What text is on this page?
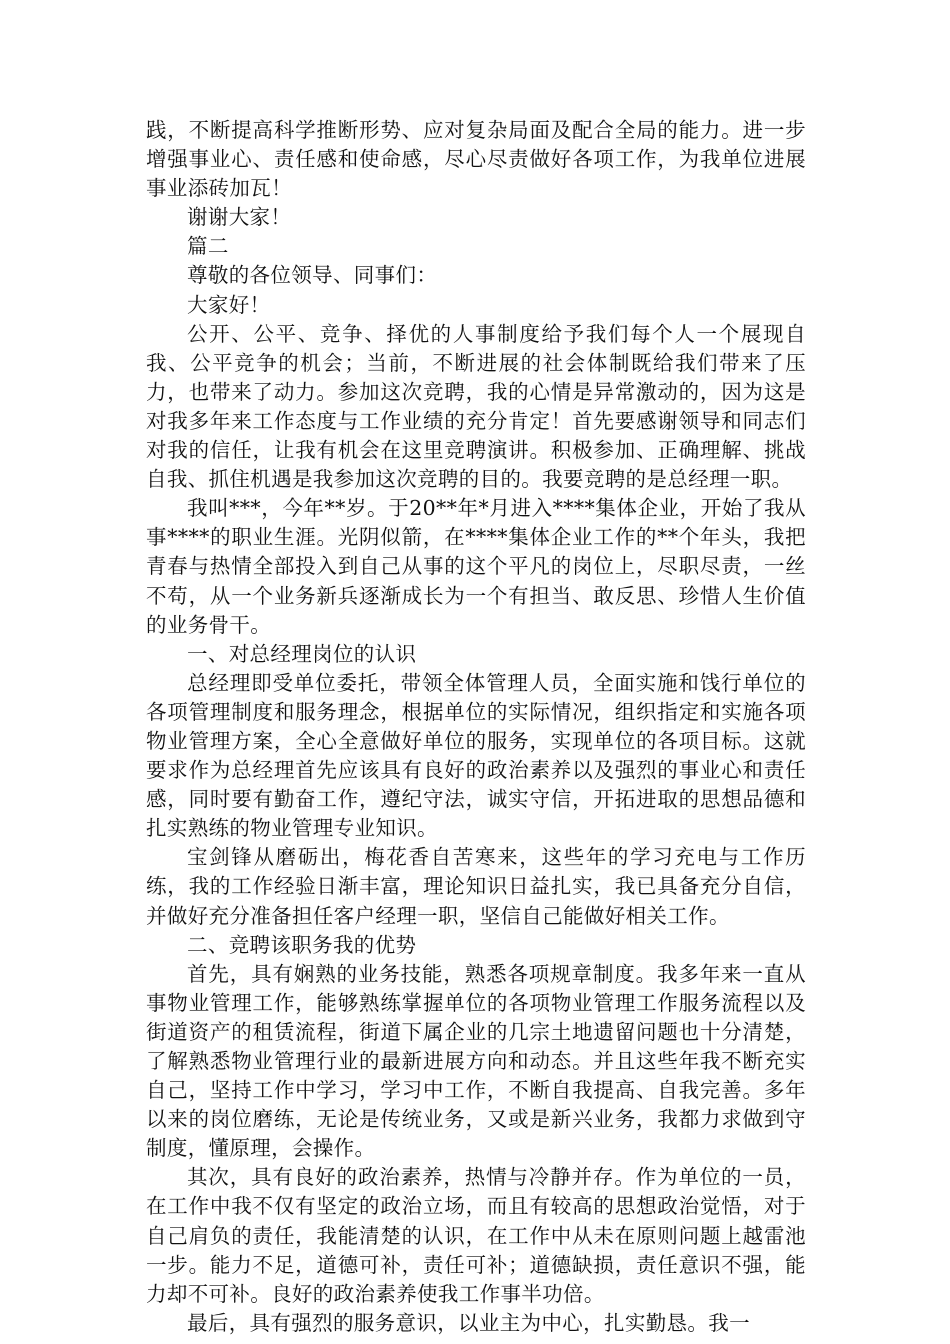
践，不断提高科学推断形势、应对复杂局面及配合全局的能力。进一步增强事业心、责任感和使命感，尽心尽责做好各项工作，为我单位进展事业添砖加瓦！

谢谢大家！

篇二

尊敬的各位领导、同事们：

大家好！

公开、公平、竞争、择优的人事制度给予我们每个人一个展现自我、公平竞争的机会；当前，不断进展的社会体制既给我们带来了压力，也带来了动力。参加这次竞聘，我的心情是异常激动的，因为这是对我多年来工作态度与工作业绩的充分肯定！首先要感谢领导和同志们对我的信任，让我有机会在这里竞聘演讲。积极参加、正确理解、挑战自我、抓住机遇是我参加这次竞聘的目的。我要竞聘的是总经理一职。

我叫***，今年**岁。于20**年*月进入****集体企业，开始了我从事****的职业生涯。光阴似箭，在****集体企业工作的**个年头，我把青春与热情全部投入到自己从事的这个平凡的岗位上，尽职尽责，一丝不苟，从一个业务新兵逐渐成长为一个有担当、敢反思、珍惜人生价值的业务骨干。

一、对总经理岗位的认识

总经理即受单位委托，带领全体管理人员，全面实施和饯行单位的各项管理制度和服务理念，根据单位的实际情况，组织指定和实施各项物业管理方案，全心全意做好单位的服务，实现单位的各项目标。这就要求作为总经理首先应该具有良好的政治素养以及强烈的事业心和责任感，同时要有勤奋工作，遵纪守法，诚实守信，开拓进取的思想品德和扎实熟练的物业管理专业知识。

宝剑锋从磨砺出，梅花香自苦寒来，这些年的学习充电与工作历练，我的工作经验日渐丰富，理论知识日益扎实，我已具备充分自信，并做好充分准备担任客户经理一职，坚信自己能做好相关工作。

二、竞聘该职务我的优势

首先，具有娴熟的业务技能，熟悉各项规章制度。我多年来一直从事物业管理工作，能够熟练掌握单位的各项物业管理工作服务流程以及街道资产的租赁流程，街道下属企业的几宗土地遗留问题也十分清楚，了解熟悉物业管理行业的最新进展方向和动态。并且这些年我不断充实自己，坚持工作中学习，学习中工作，不断自我提高、自我完善。多年以来的岗位磨练，无论是传统业务，又或是新兴业务，我都力求做到守制度，懂原理，会操作。

其次，具有良好的政治素养，热情与冷静并存。作为单位的一员，在工作中我不仅有坚定的政治立场，而且有较高的思想政治觉悟，对于自己肩负的责任，我能清楚的认识，在工作中从未在原则问题上越雷池一步。能力不足，道德可补，责任可补；道德缺损，责任意识不强，能力却不可补。良好的政治素养使我工作事半功倍。

最后，具有强烈的服务意识，以业主为中心，扎实勤恳。我一
